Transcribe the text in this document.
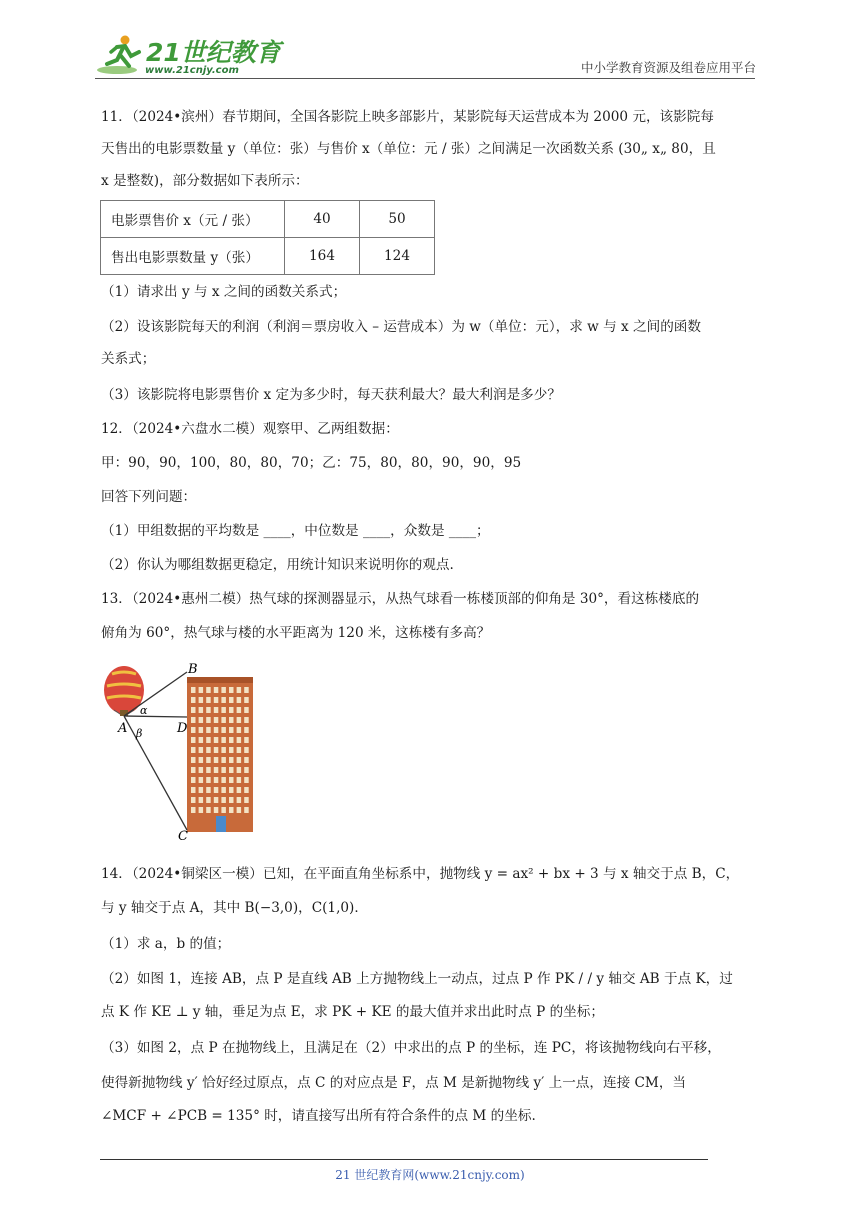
21世纪教育
www.21cnjy.com	中小学教育资源及组卷应用平台
11．（2024•滨州）春节期间，全国各影院上映多部影片，某影院每天运营成本为 2000 元，该影院每
天售出的电影票数量 y（单位：张）与售价 x（单位：元 / 张）之间满足一次函数关系 (30„ x„ 80，且
x 是整数)，部分数据如下表所示：
电影票售价 x（元 / 张）	40	50
售出电影票数量 y（张）	164	124
（1）请求出 y 与 x 之间的函数关系式；
（2）设该影院每天的利润（利润＝票房收入 – 运营成本）为 w（单位：元），求 w 与 x 之间的函数
关系式；
（3）该影院将电影票售价 x 定为多少时，每天获利最大？最大利润是多少？
12．（2024•六盘水二模）观察甲、乙两组数据：
甲：90，90，100，80，80，70；乙：75，80，80，90，90，95
回答下列问题：
（1）甲组数据的平均数是 ____，中位数是 ____，众数是 ____；
（2）你认为哪组数据更稳定，用统计知识来说明你的观点.
13．（2024•惠州二模）热气球的探测器显示，从热气球看一栋楼顶部的仰角是 30°，看这栋楼底的
俯角为 60°，热气球与楼的水平距离为 120 米，这栋楼有多高？
B
A	D
C
α
β
14．（2024•铜梁区一模）已知，在平面直角坐标系中，抛物线 y = ax² + bx + 3 与 x 轴交于点 B，C，
与 y 轴交于点 A，其中 B(−3,0)，C(1,0)．
（1）求 a，b 的值；
（2）如图 1，连接 AB，点 P 是直线 AB 上方抛物线上一动点，过点 P 作 PK / / y 轴交 AB 于点 K，过
点 K 作 KE ⊥ y 轴，垂足为点 E，求 PK + KE 的最大值并求出此时点 P 的坐标；
（3）如图 2，点 P 在抛物线上，且满足在（2）中求出的点 P 的坐标，连 PC，将该抛物线向右平移，
使得新抛物线 y′ 恰好经过原点，点 C 的对应点是 F，点 M 是新抛物线 y′ 上一点，连接 CM，当
∠MCF + ∠PCB = 135° 时，请直接写出所有符合条件的点 M 的坐标.
21 世纪教育网(www.21cnjy.com)
